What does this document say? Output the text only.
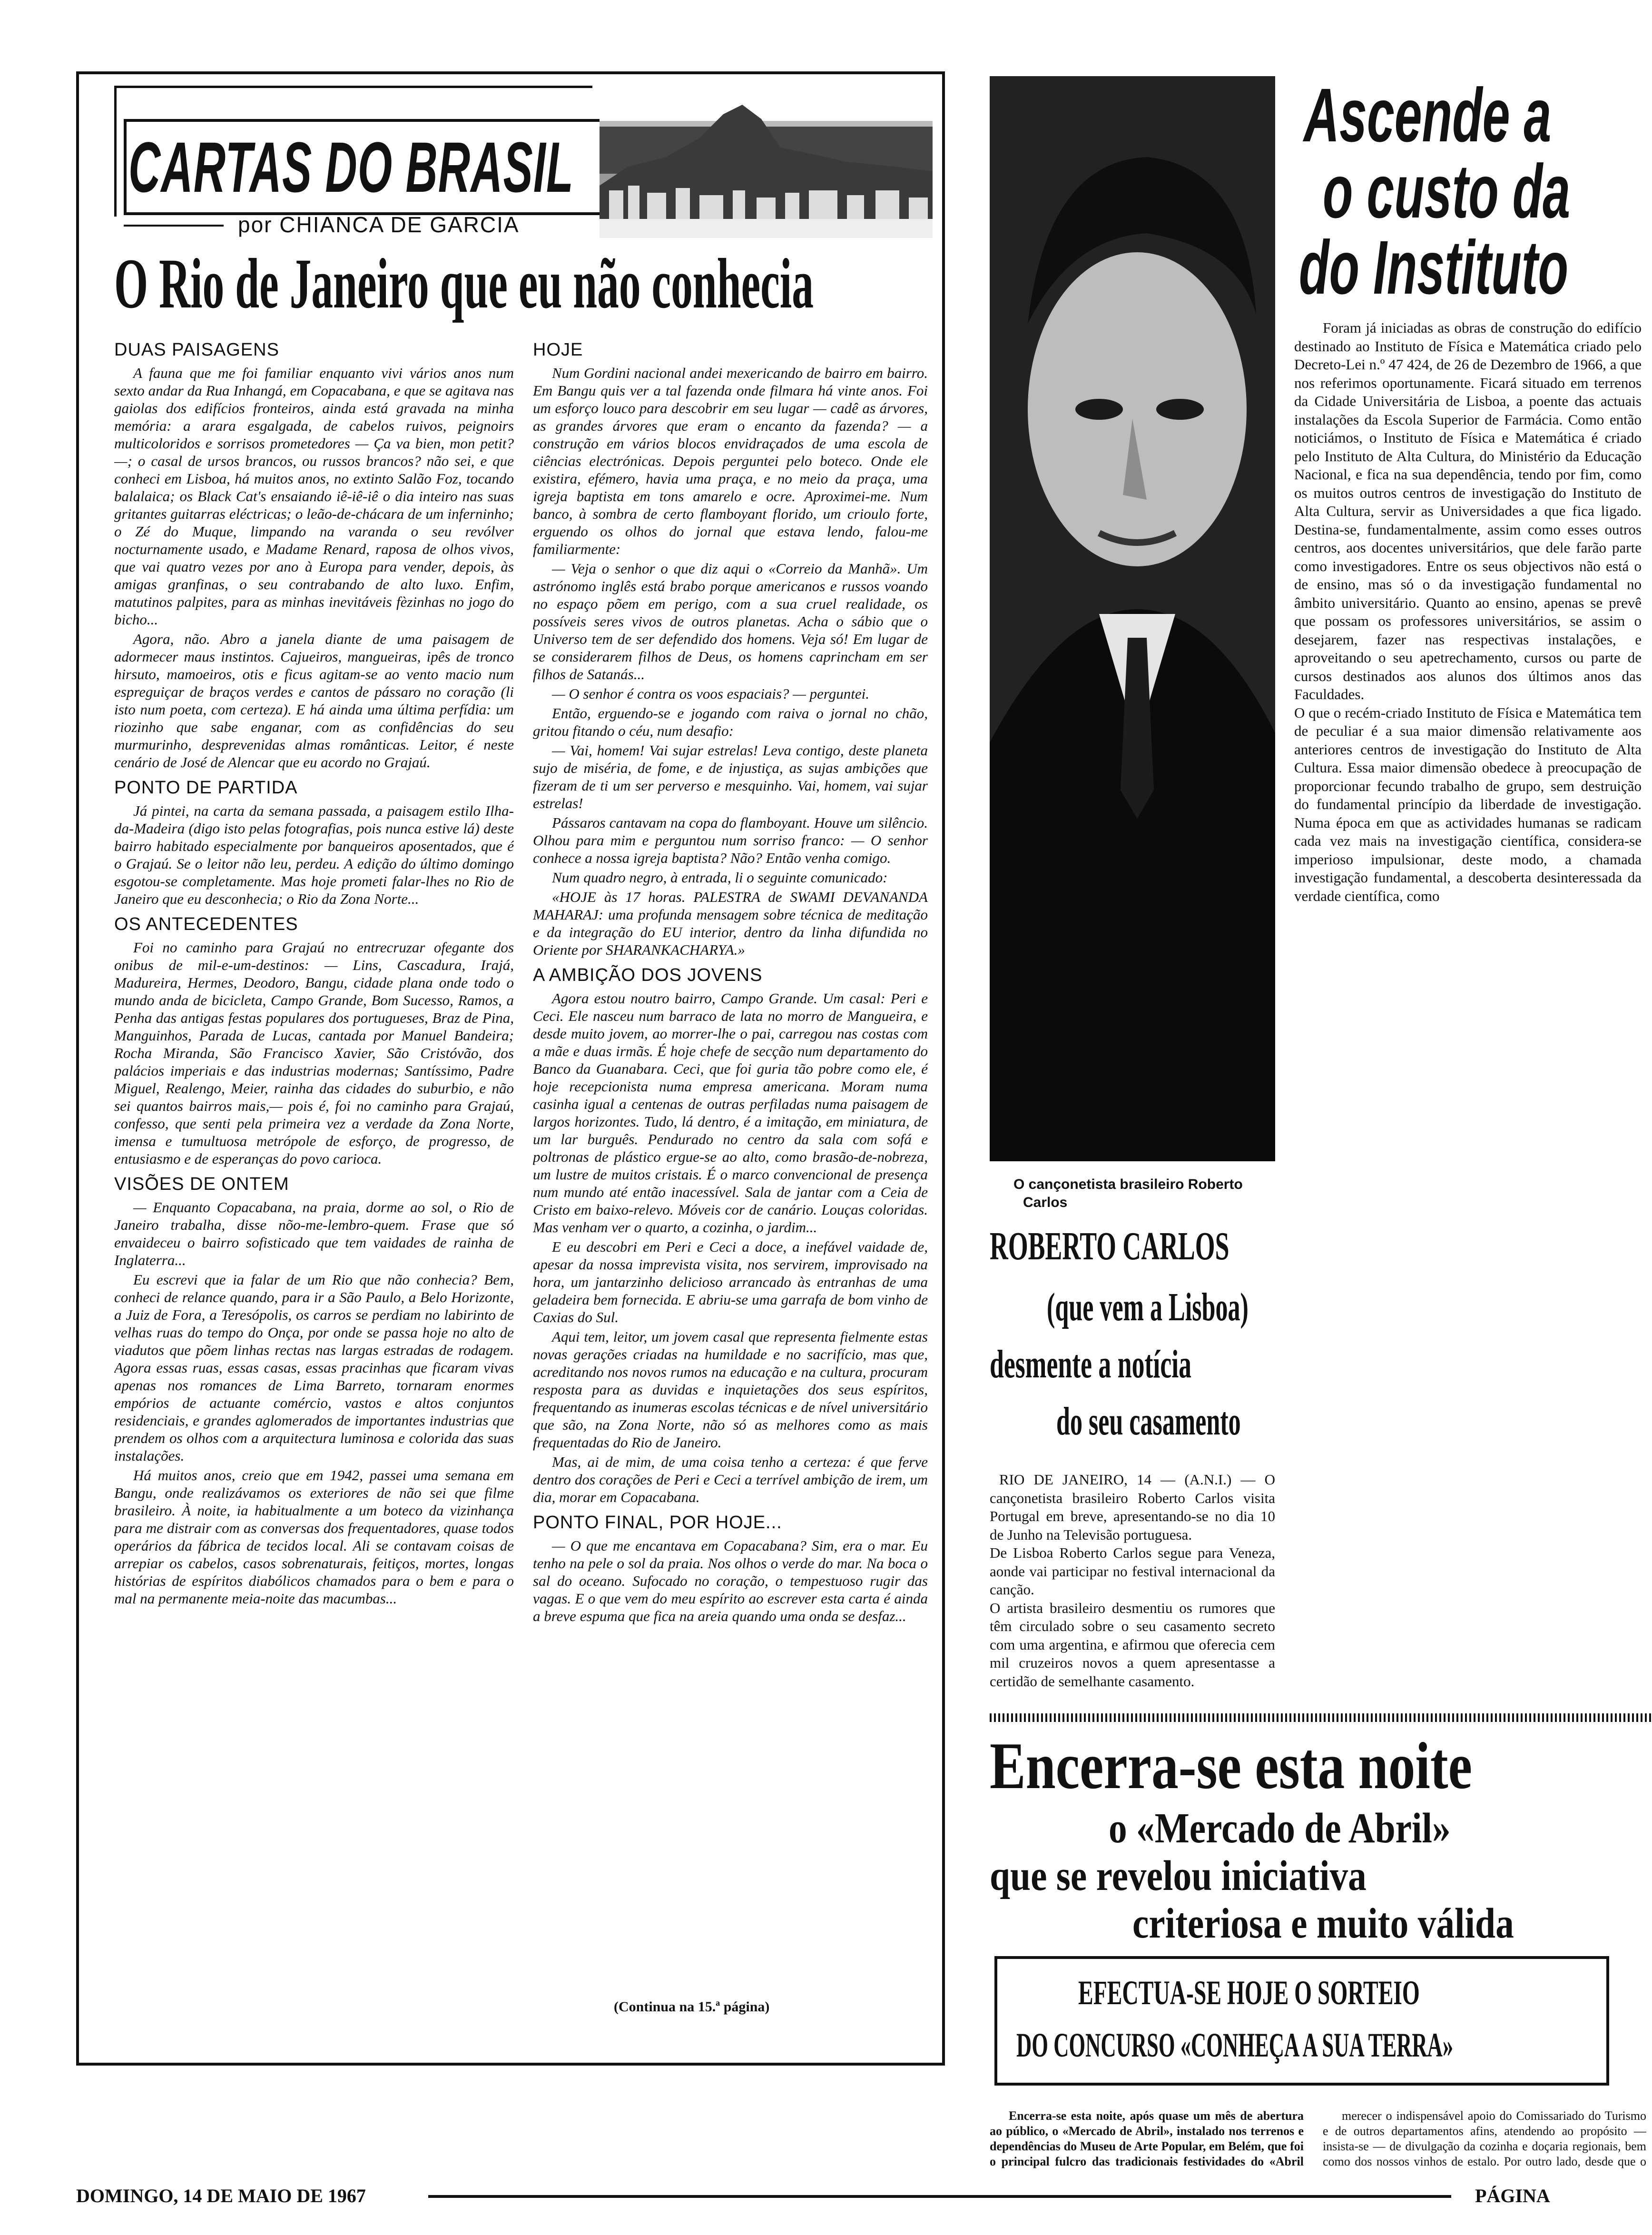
CARTAS DO BRASIL
por CHIANCA DE GARCIA
O Rio de Janeiro que eu não conhecia
DUAS PAISAGENS
A fauna que me foi familiar enquanto vivi vários anos num sexto andar da Rua Inhangá, em Copacabana, e que se agitava nas gaiolas dos edifícios fronteiros, ainda está gravada na minha memória: a arara esgalgada, de cabelos ruivos, peignoirs multicoloridos e sorrisos prometedores — Ça va bien, mon petit? —; o casal de ursos brancos, ou russos brancos? não sei, e que conheci em Lisboa, há muitos anos, no extinto Salão Foz, tocando balalaica; os Black Cat's ensaiando iê-iê-iê o dia inteiro nas suas gritantes guitarras eléctricas; o leão-de-chácara de um inferninho; o Zé do Muque, limpando na varanda o seu revólver nocturnamente usado, e Madame Renard, raposa de olhos vivos, que vai quatro vezes por ano à Europa para vender, depois, às amigas granfinas, o seu contrabando de alto luxo. Enfim, matutinos palpites, para as minhas inevitáveis fèzinhas no jogo do bicho...
Agora, não. Abro a janela diante de uma paisagem de adormecer maus instintos. Cajueiros, mangueiras, ipês de tronco hirsuto, mamoeiros, otis e ficus agitam-se ao vento macio num espreguiçar de braços verdes e cantos de pássaro no coração (li isto num poeta, com certeza). E há ainda uma última perfídia: um riozinho que sabe enganar, com as confidências do seu murmurinho, desprevenidas almas românticas. Leitor, é neste cenário de José de Alencar que eu acordo no Grajaú.
PONTO DE PARTIDA
Já pintei, na carta da semana passada, a paisagem estilo Ilha-da-Madeira (digo isto pelas fotografias, pois nunca estive lá) deste bairro habitado especialmente por banqueiros aposentados, que é o Grajaú. Se o leitor não leu, perdeu. A edição do último domingo esgotou-se completamente. Mas hoje prometi falar-lhes no Rio de Janeiro que eu desconhecia; o Rio da Zona Norte...
OS ANTECEDENTES
Foi no caminho para Grajaú no entrecruzar ofegante dos onibus de mil-e-um-destinos: — Lins, Cascadura, Irajá, Madureira, Hermes, Deodoro, Bangu, cidade plana onde todo o mundo anda de bicicleta, Campo Grande, Bom Sucesso, Ramos, a Penha das antigas festas populares dos portugueses, Braz de Pina, Manguinhos, Parada de Lucas, cantada por Manuel Bandeira; Rocha Miranda, São Francisco Xavier, São Cristóvão, dos palácios imperiais e das industrias modernas; Santíssimo, Padre Miguel, Realengo, Meier, rainha das cidades do suburbio, e não sei quantos bairros mais,— pois é, foi no caminho para Grajaú, confesso, que senti pela primeira vez a verdade da Zona Norte, imensa e tumultuosa metrópole de esforço, de progresso, de entusiasmo e de esperanças do povo carioca.
VISÕES DE ONTEM
— Enquanto Copacabana, na praia, dorme ao sol, o Rio de Janeiro trabalha, disse nõo-me-lembro-quem. Frase que só envaideceu o bairro sofisticado que tem vaidades de rainha de Inglaterra...
Eu escrevi que ia falar de um Rio que não conhecia? Bem, conheci de relance quando, para ir a São Paulo, a Belo Horizonte, a Juiz de Fora, a Teresópolis, os carros se perdiam no labirinto de velhas ruas do tempo do Onça, por onde se passa hoje no alto de viadutos que põem linhas rectas nas largas estradas de rodagem. Agora essas ruas, essas casas, essas pracinhas que ficaram vivas apenas nos romances de Lima Barreto, tornaram enormes empórios de actuante comércio, vastos e altos conjuntos residenciais, e grandes aglomerados de importantes industrias que prendem os olhos com a arquitectura luminosa e colorida das suas instalações.
Há muitos anos, creio que em 1942, passei uma semana em Bangu, onde realizávamos os exteriores de não sei que filme brasileiro. À noite, ia habitualmente a um boteco da vizinhança para me distrair com as conversas dos frequentadores, quase todos operários da fábrica de tecidos local. Ali se contavam coisas de arrepiar os cabelos, casos sobrenaturais, feitiços, mortes, longas histórias de espíritos diabólicos chamados para o bem e para o mal na permanente meia-noite das macumbas...
HOJE
Num Gordini nacional andei mexericando de bairro em bairro. Em Bangu quis ver a tal fazenda onde filmara há vinte anos. Foi um esforço louco para descobrir em seu lugar — cadê as árvores, as grandes árvores que eram o encanto da fazenda? — a construção em vários blocos envidraçados de uma escola de ciências electrónicas. Depois perguntei pelo boteco. Onde ele existira, efémero, havia uma praça, e no meio da praça, uma igreja baptista em tons amarelo e ocre. Aproximei-me. Num banco, à sombra de certo flamboyant florido, um crioulo forte, erguendo os olhos do jornal que estava lendo, falou-me familiarmente:
— Veja o senhor o que diz aqui o «Correio da Manhã». Um astrónomo inglês está brabo porque americanos e russos voando no espaço põem em perigo, com a sua cruel realidade, os possíveis seres vivos de outros planetas. Acha o sábio que o Universo tem de ser defendido dos homens. Veja só! Em lugar de se considerarem filhos de Deus, os homens caprincham em ser filhos de Satanás...
— O senhor é contra os voos espaciais? — perguntei.
Então, erguendo-se e jogando com raiva o jornal no chão, gritou fitando o céu, num desafio:
— Vai, homem! Vai sujar estrelas! Leva contigo, deste planeta sujo de miséria, de fome, e de injustiça, as sujas ambições que fizeram de ti um ser perverso e mesquinho. Vai, homem, vai sujar estrelas!
Pássaros cantavam na copa do flamboyant. Houve um silêncio. Olhou para mim e perguntou num sorriso franco: — O senhor conhece a nossa igreja baptista? Não? Então venha comigo.
Num quadro negro, à entrada, li o seguinte comunicado:
«HOJE às 17 horas. PALESTRA de SWAMI DEVANANDA MAHARAJ: uma profunda mensagem sobre técnica de meditação e da integração do EU interior, dentro da linha difundida no Oriente por SHARANKACHARYA.»
A AMBIÇÃO DOS JOVENS
Agora estou noutro bairro, Campo Grande. Um casal: Peri e Ceci. Ele nasceu num barraco de lata no morro de Mangueira, e desde muito jovem, ao morrer-lhe o pai, carregou nas costas com a mãe e duas irmãs. É hoje chefe de secção num departamento do Banco da Guanabara. Ceci, que foi guria tão pobre como ele, é hoje recepcionista numa empresa americana. Moram numa casinha igual a centenas de outras perfiladas numa paisagem de largos horizontes. Tudo, lá dentro, é a imitação, em miniatura, de um lar burguês. Pendurado no centro da sala com sofá e poltronas de plástico ergue-se ao alto, como brasão-de-nobreza, um lustre de muitos cristais. É o marco convencional de presença num mundo até então inacessível. Sala de jantar com a Ceia de Cristo em baixo-relevo. Móveis cor de canário. Louças coloridas. Mas venham ver o quarto, a cozinha, o jardim...
E eu descobri em Peri e Ceci a doce, a inefável vaidade de, apesar da nossa imprevista visita, nos servirem, improvisado na hora, um jantarzinho delicioso arrancado às entranhas de uma geladeira bem fornecida. E abriu-se uma garrafa de bom vinho de Caxias do Sul.
Aqui tem, leitor, um jovem casal que representa fielmente estas novas gerações criadas na humildade e no sacrifício, mas que, acreditando nos novos rumos na educação e na cultura, procuram resposta para as duvidas e inquietações dos seus espíritos, frequentando as inumeras escolas técnicas e de nível universitário que são, na Zona Norte, não só as melhores como as mais frequentadas do Rio de Janeiro.
Mas, ai de mim, de uma coisa tenho a certeza: é que ferve dentro dos corações de Peri e Ceci a terrível ambição de irem, um dia, morar em Copacabana.
PONTO FINAL, POR HOJE...
— O que me encantava em Copacabana? Sim, era o mar. Eu tenho na pele o sol da praia. Nos olhos o verde do mar. Na boca o sal do oceano. Sufocado no coração, o tempestuoso rugir das vagas. E o que vem do meu espírito ao escrever esta carta é ainda a breve espuma que fica na areia quando uma onda se desfaz...
(Continua na 15.ª página)
O cançonetista brasileiro Roberto Carlos
ROBERTO CARLOS
(que vem a Lisboa)
desmente a notícia
do seu casamento
RIO DE JANEIRO, 14 — (A.N.I.) — O cançonetista brasileiro Roberto Carlos visita Portugal em breve, apresentando-se no dia 10 de Junho na Televisão portuguesa.
De Lisboa Roberto Carlos segue para Veneza, aonde vai participar no festival internacional da canção.
O artista brasileiro desmentiu os rumores que têm circulado sobre o seu casamento secreto com uma argentina, e afirmou que oferecia cem mil cruzeiros novos a quem apresentasse a certidão de semelhante casamento.
Ascende a
o custo da
do Instituto
Foram já iniciadas as obras de construção do edifício destinado ao Instituto de Física e Matemática criado pelo Decreto-Lei n.º 47 424, de 26 de Dezembro de 1966, a que nos referimos oportunamente. Ficará situado em terrenos da Cidade Universitária de Lisboa, a poente das actuais instalações da Escola Superior de Farmácia. Como então noticiámos, o Instituto de Física e Matemática é criado pelo Instituto de Alta Cultura, do Ministério da Educação Nacional, e fica na sua dependência, tendo por fim, como os muitos outros centros de investigação do Instituto de Alta Cultura, servir as Universidades a que fica ligado. Destina-se, fundamentalmente, assim como esses outros centros, aos docentes universitários, que dele farão parte como investigadores. Entre os seus objectivos não está o de ensino, mas só o da investigação fundamental no âmbito universitário. Quanto ao ensino, apenas se prevê que possam os professores universitários, se assim o desejarem, fazer nas respectivas instalações, e aproveitando o seu apetrechamento, cursos ou parte de cursos destinados aos alunos dos últimos anos das Faculdades.
O que o recém-criado Instituto de Física e Matemática tem de peculiar é a sua maior dimensão relativamente aos anteriores centros de investigação do Instituto de Alta Cultura. Essa maior dimensão obedece à preocupação de proporcionar fecundo trabalho de grupo, sem destruição do fundamental princípio da liberdade de investigação. Numa época em que as actividades humanas se radicam cada vez mais na investigação científica, considera-se imperioso impulsionar, deste modo, a chamada investigação fundamental, a descoberta desinteressada da verdade científica, como
Encerra-se esta noite
o «Mercado de Abril»
que se revelou iniciativa
criteriosa e muito válida
EFECTUA-SE HOJE O SORTEIO
DO CONCURSO «CONHEÇA A SUA TERRA»
Encerra-se esta noite, após quase um mês de abertura ao público, o «Mercado de Abril», instalado nos terrenos e dependências do Museu de Arte Popular, em Belém, que foi o principal fulcro das tradicionais festividades do «Abril
merecer o indispensável apoio do Comissariado do Turismo e de outros departamentos afins, atendendo ao propósito — insista-se — de divulgação da cozinha e doçaria regionais, bem como dos nossos vinhos de estalo. Por outro lado, desde que o
DOMINGO, 14 DE MAIO DE 1967	PÁGINA
